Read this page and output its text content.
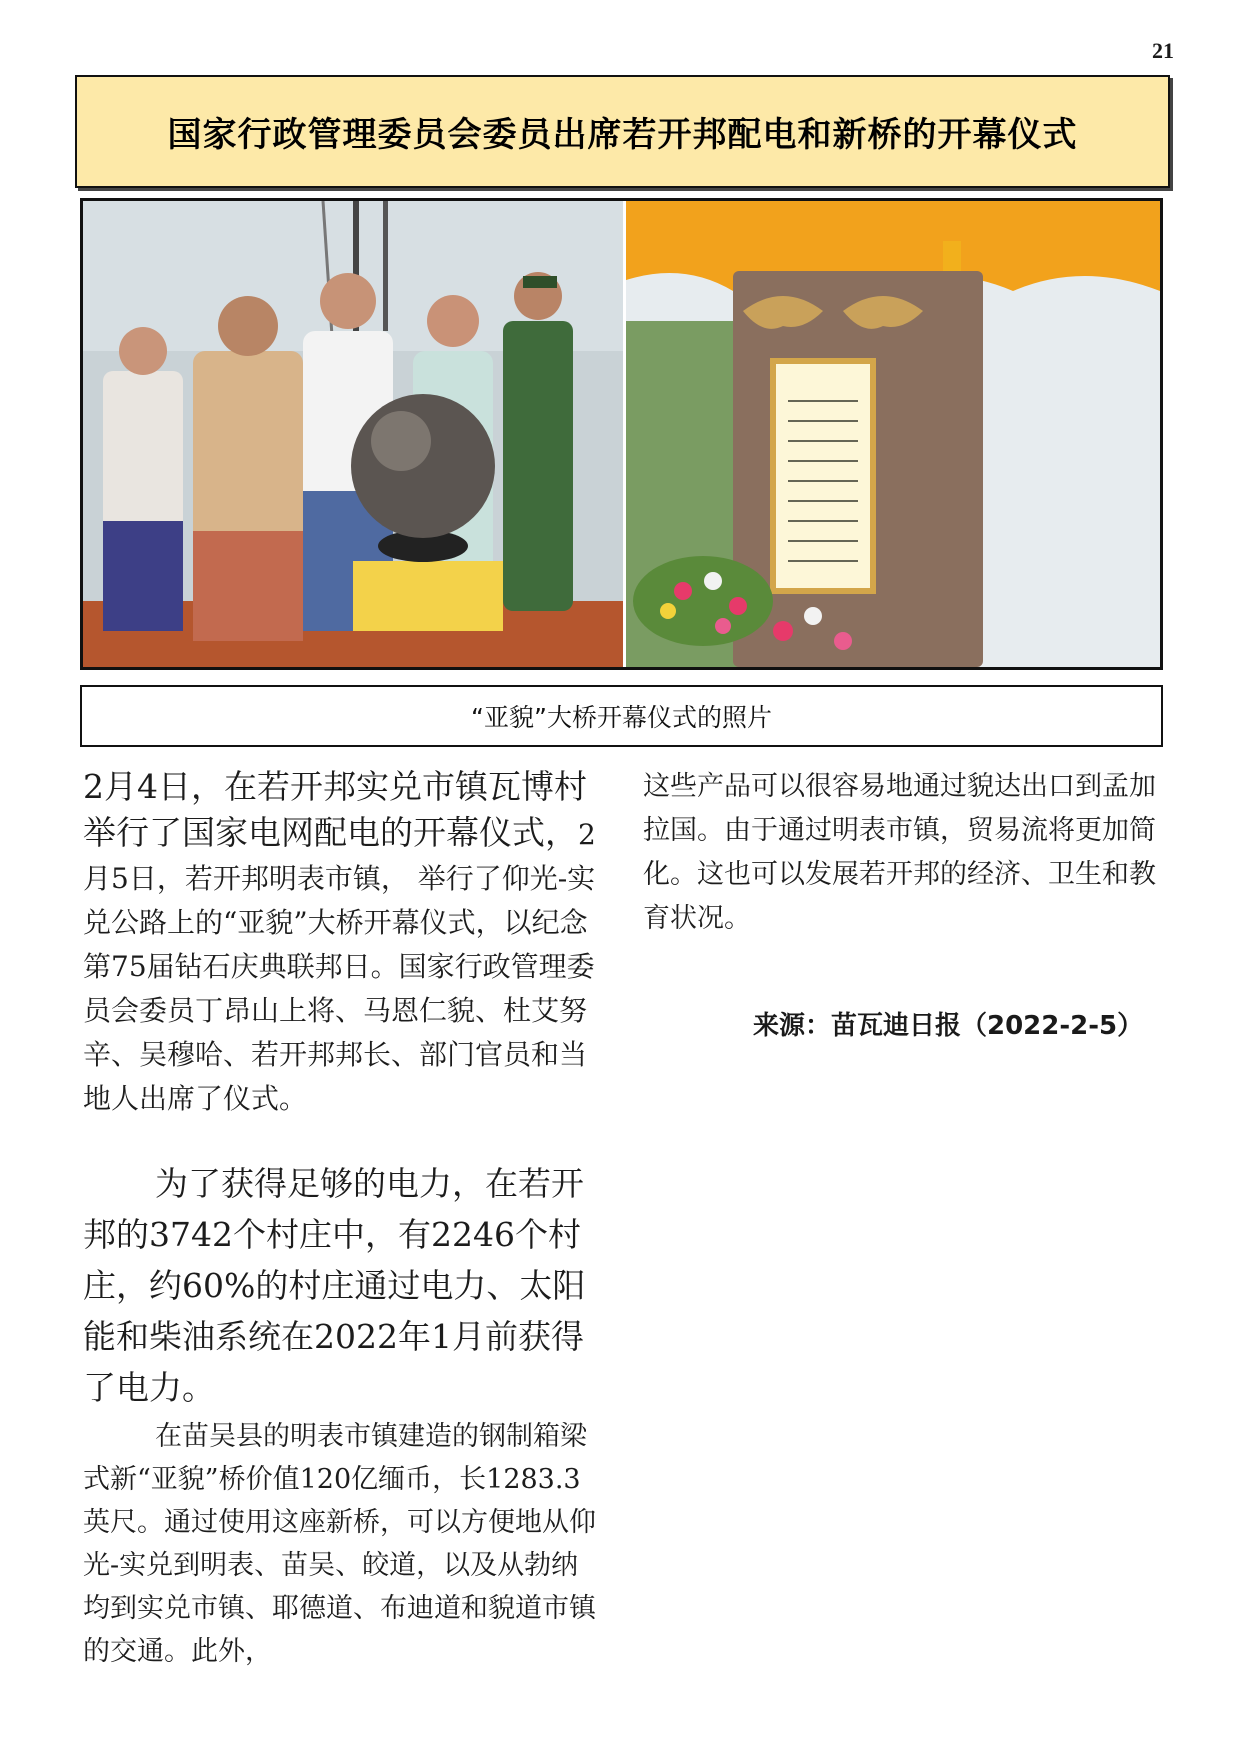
21
国家行政管理委员会委员出席若开邦配电和新桥的开幕仪式
“亚貌”大桥开幕仪式的照片

2月4日，在若开邦实兑市镇瓦博村举行了国家电网配电的开幕仪式，2月5日，若开邦明表市镇， 举行了仰光-实兑公路上的“亚貌”大桥开幕仪式，以纪念第75届钻石庆典联邦日。国家行政管理委员会委员丁昂山上将、马恩仁貌、杜艾努辛、吴穆哈、若开邦邦长、部门官员和当地人出席了仪式。

为了获得足够的电力，在若开邦的3742个村庄中，有2246个村庄，约60%的村庄通过电力、太阳能和柴油系统在2022年1月前获得了电力。

在苗吴县的明表市镇建造的钢制箱梁式新“亚貌”桥价值120亿缅币，长1283.3英尺。通过使用这座新桥，可以方便地从仰光-实兑到明表、苗吴、皎道，以及从勃纳均到实兑市镇、耶德道、布迪道和貌道市镇的交通。此外，

这些产品可以很容易地通过貌达出口到孟加拉国。由于通过明表市镇，贸易流将更加简化。这也可以发展若开邦的经济、卫生和教育状况。

来源：苗瓦迪日报（2022-2-5）
